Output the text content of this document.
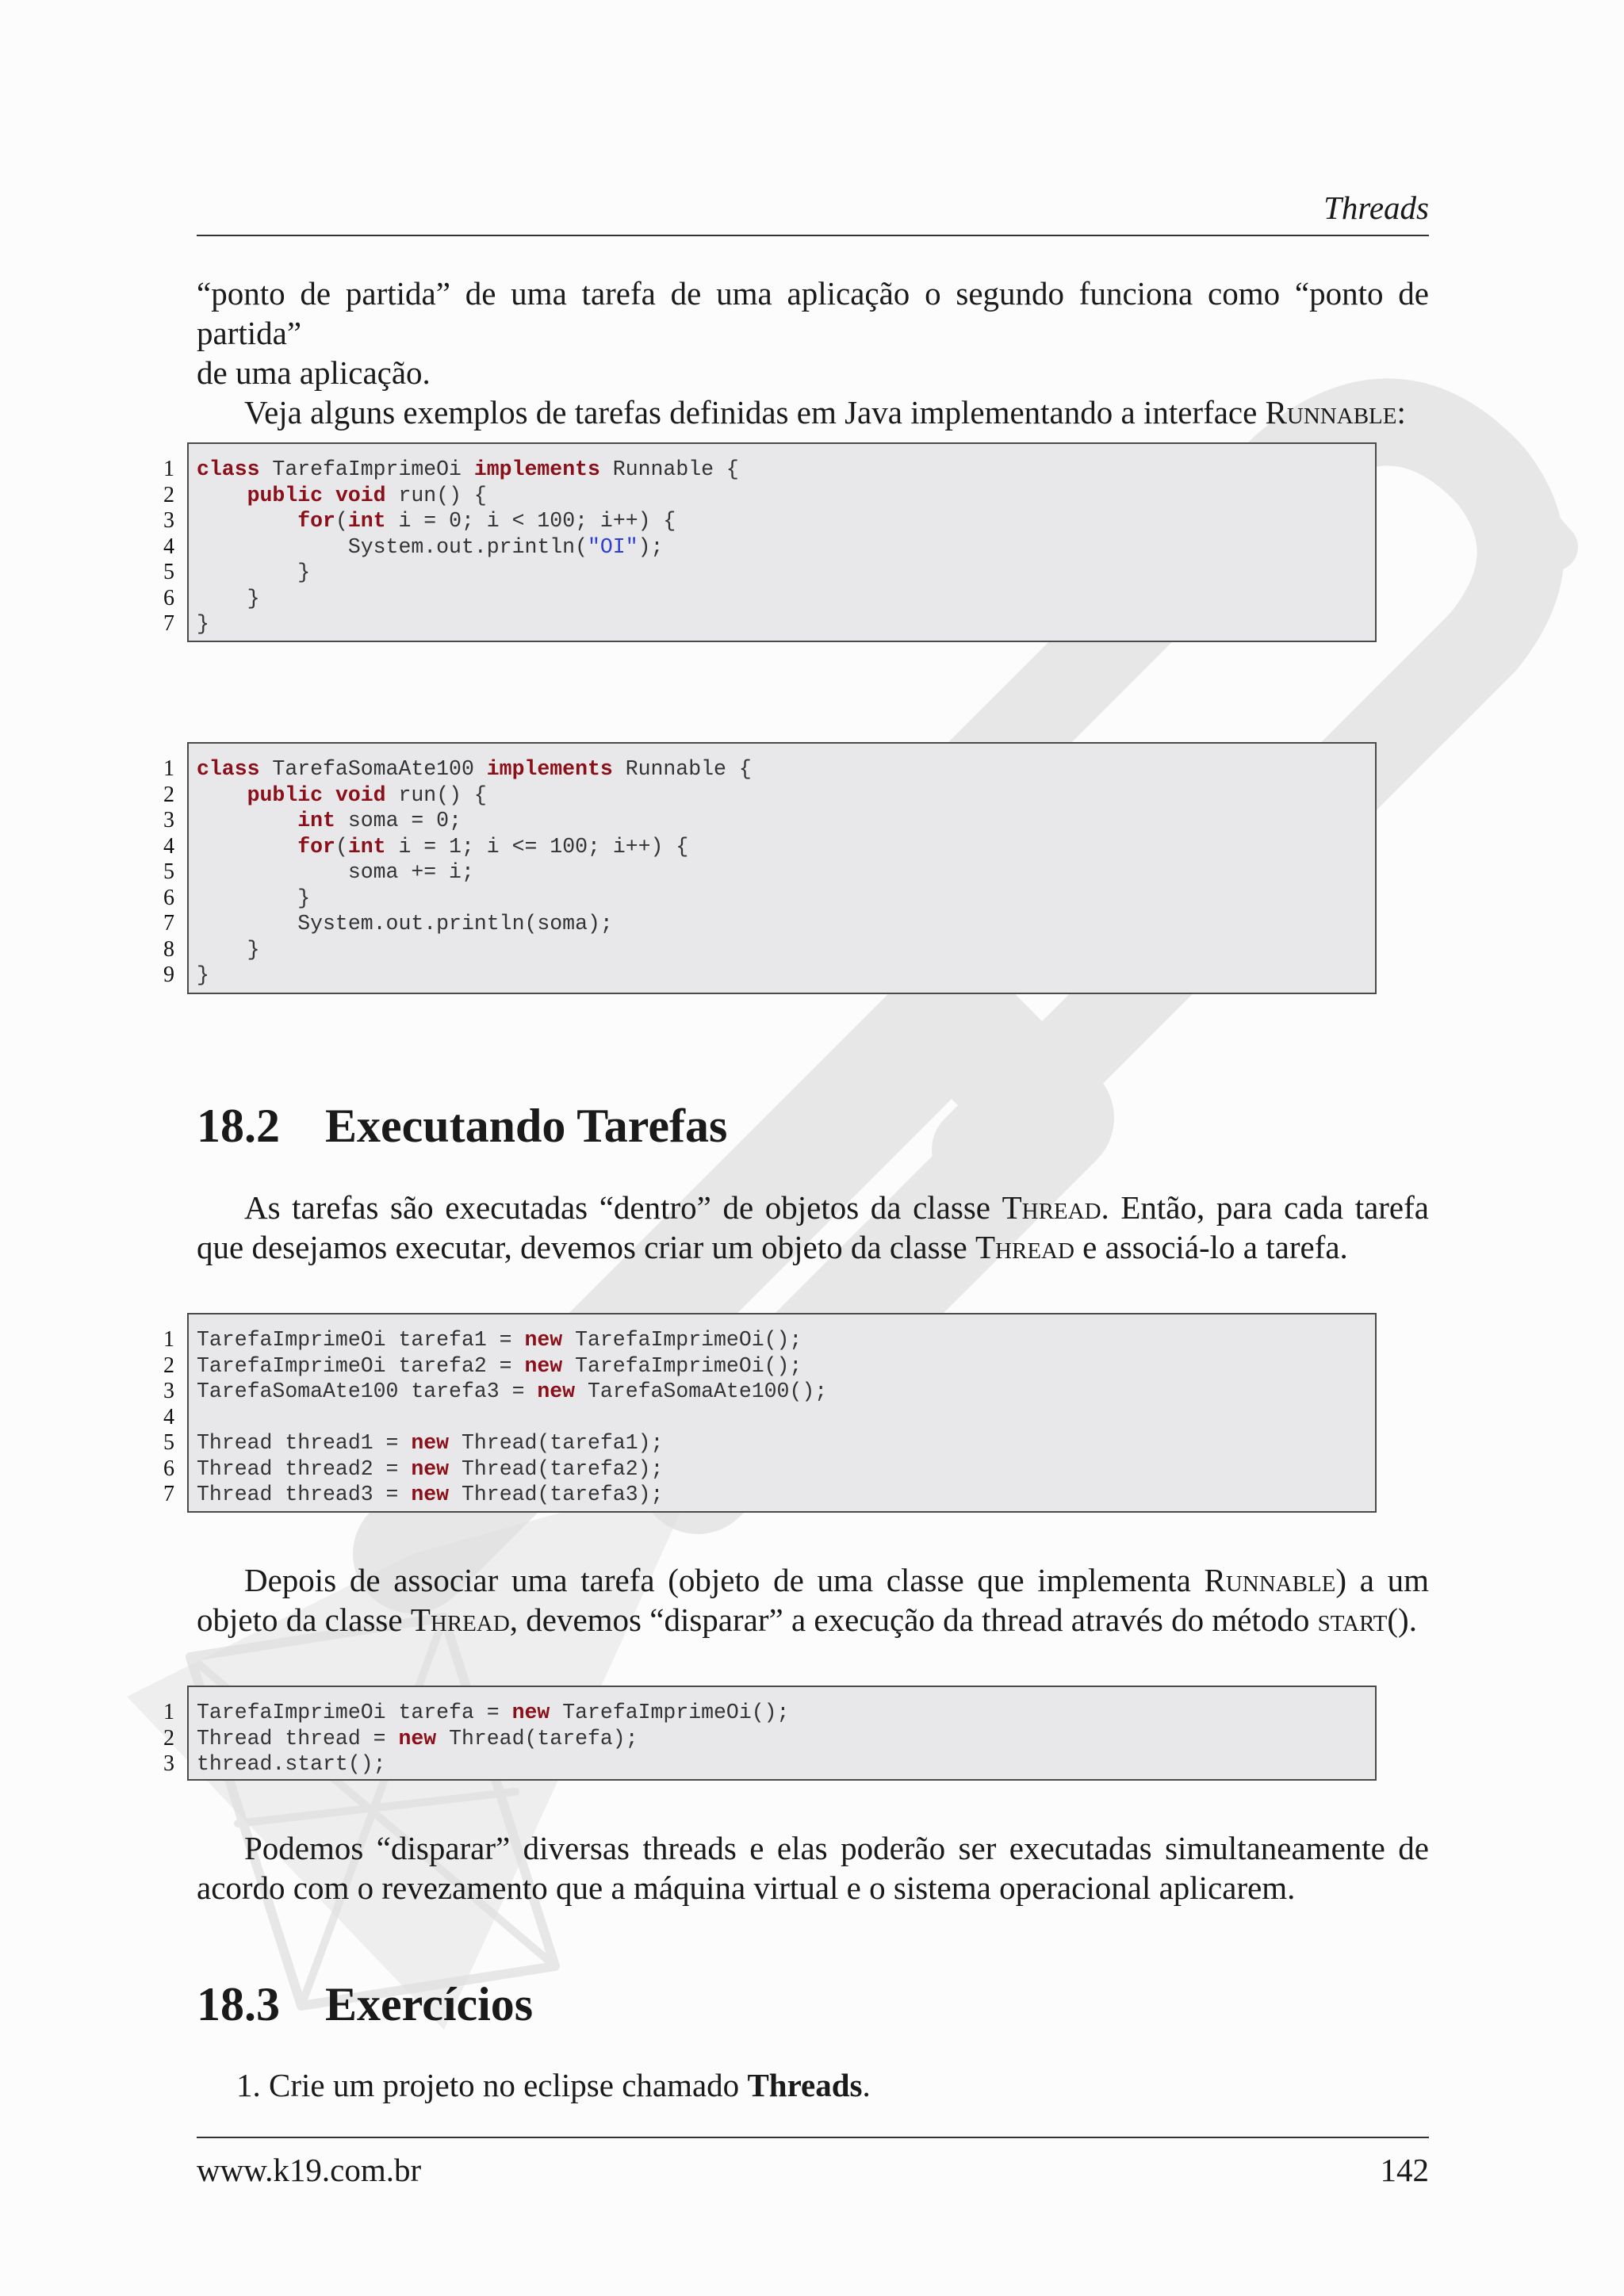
Threads
“ponto de partida” de uma tarefa de uma aplicação o segundo funciona como “ponto de partida”
de uma aplicação.
Veja alguns exemplos de tarefas definidas em Java implementando a interface Runnable:
1
2
3
4
5
6
7
class TarefaImprimeOi implements Runnable {
public void run() {
for(int i = 0; i < 100; i++) {
System.out.println("OI");
}
}
}
1
2
3
4
5
6
7
8
9
class TarefaSomaAte100 implements Runnable {
public void run() {
int soma = 0;
for(int i = 1; i <= 100; i++) {
soma += i;
}
System.out.println(soma);
}
}
18.2 Executando Tarefas
As tarefas são executadas “dentro” de objetos da classe Thread. Então, para cada tarefa que desejamos executar, devemos criar um objeto da classe Thread e associá-lo a tarefa.
1
2
3
4
5
6
7
TarefaImprimeOi tarefa1 = new TarefaImprimeOi();
TarefaImprimeOi tarefa2 = new TarefaImprimeOi();
TarefaSomaAte100 tarefa3 = new TarefaSomaAte100();

Thread thread1 = new Thread(tarefa1);
Thread thread2 = new Thread(tarefa2);
Thread thread3 = new Thread(tarefa3);
Depois de associar uma tarefa (objeto de uma classe que implementa Runnable) a um objeto da classe Thread, devemos “disparar” a execução da thread através do método start().
1
2
3
TarefaImprimeOi tarefa = new TarefaImprimeOi();
Thread thread = new Thread(tarefa);
thread.start();
Podemos “disparar” diversas threads e elas poderão ser executadas simultaneamente de acordo com o revezamento que a máquina virtual e o sistema operacional aplicarem.
18.3 Exercícios
1. Crie um projeto no eclipse chamado Threads.
www.k19.com.br	142
